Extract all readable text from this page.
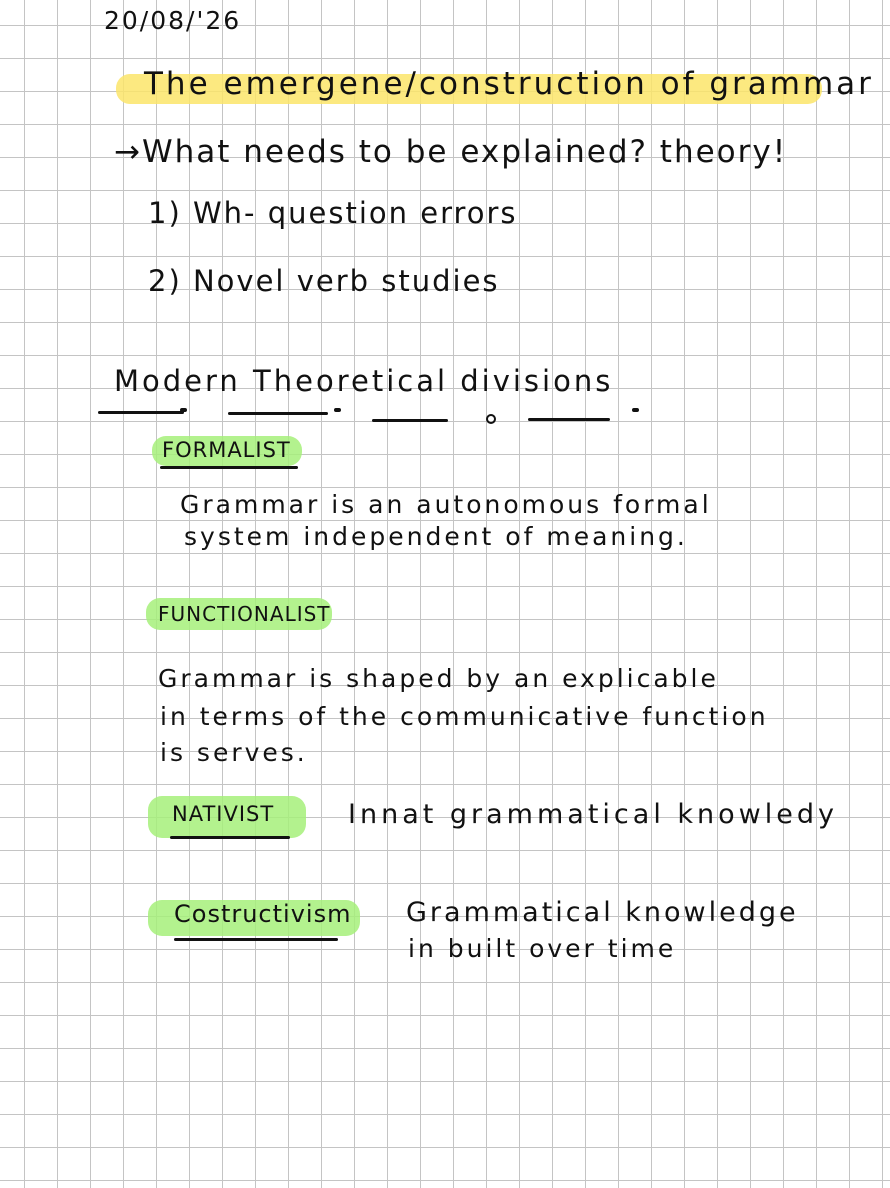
20/08/'26
The emergene/construction of grammar
→What needs to be explained? theory!
1) Wh- question errors
2) Novel verb studies
Modern Theoretical divisions
FORMALIST
Grammar is an autonomous formal
system independent of meaning.
FUNCTIONALIST
Grammar is shaped by an explicable
in terms of the communicative function
is serves.
NATIVIST	Innat grammatical knowledy
Costructivism Grammatical knowledge
in built over time
